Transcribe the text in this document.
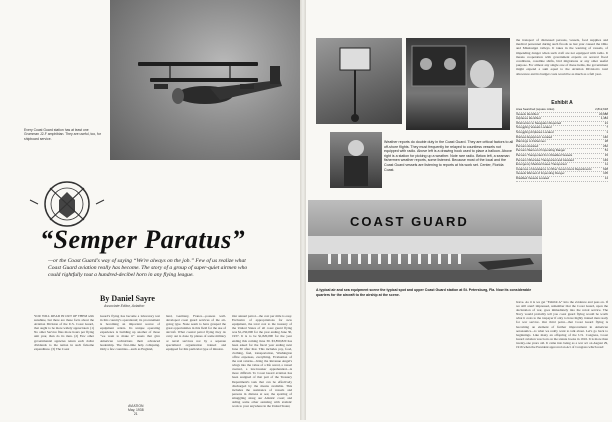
Every Coast Guard station has at least one Grumman J2-F amphibian. They are useful, too, for shipboard service.
“Semper Paratus”
—or the Coast Guard's way of saying “We're always on the job.” Few of us realize what Coast Guard aviation really has become. The story of a group of super-quiet airmen who could rightfully tout a hundred-decibel horn in any flying league.
By Daniel Sayre
Associate Editor, Aviation
YOU WILL READ IN OUT OF THEM with sunshine, but there are these facts about the Aviation Division of the U.S. Coast Guard, that ought to be more widely appreciated. (1) No other Service flies more hours per flying unit year, than do its men. (2) Few other governmental agencies return each dollar dividends to the nation in such fulsome expenditure. (3) The Coast
Guard's flying has become a laboratory test in this country's operational; its procurement is becoming an important source of equipment orders. Its unique operating experience is building up another of those “we want to make it” assets that give American technicians their advanced leadership. The first-time help collapsing. Only a few countries—such as England,
land, Germany, France—possess well-developed coast guard services of the air-going type. None seem to have grasped the great opportunities in this field for the use of aircraft. What coastal patrol flying they do carry out is done by planes of some military or naval services not by a separate specialized organization trained and equipped for this particular type of mission.
Our annual patrol—the cost per mile is easy. Exclusive of appropriations for new equipment, the total cost to the treasury of the United States of all coast guard flying was $1,250,000 for the year ending June 30, 1937. It is to be $1,820,000 for the year ending this coming June 30. $3,850,820 has been asked for the fiscal year ending next June 30 after that. This includes pay, food, clothing, fuel, transportation, Washington office expenses, everything. Evaluation of the real returns—bring the Revenue Angel's wings into the value of a life saved, a vessel averted, a law-breaker apprehended—is more difficult. To Coast Guard aviation has been assigned of that part of the Treasury Department's task that can be effectively discharged by the means available. This includes the assistance of vessels and persons in distress at sea; the spotting of smuggling along our Atlantic coast; and aiding some other assisting with statistic work to your anywhere in the United States;
AVIATION
May, 1938
21
Weather reports do double duty in the Coast Guard. They are critical factors to all off-shore flights. They must frequently be relayed to countless vessels not equipped with radio. Above left is a drawing hook used to place a balloon. Above right is a station for picking up a weather. Note rare radio. Below left, a seaman fishermen weather reports, some listened. Because most of the local and the Coast Guard vessels are listening to reports at his work set. Center, Florida Coast.
the transport of distressed persons, vessels, food supplies and medical personnel during such floods as last year caused the Ohio and Mississippi valleys. It takes in the warning of vessels, of impending danger when such craft are not equipped with radio. It means cooperation with government experts on several flood conditions, coastline shifts, bird migrations or any other useful purpose. For almost any single one of these items, the government might expend a sum equal to the Aviation Division's total allowance and its budget costs would be as much as a full year.
Exhibit A
Area Searched (square miles)	2,812,618
Vessels Identified	20,988
Airplanes Identified	1,484
Obstruction to Navigation Reported	21
Smuggling Vessels Located	7
Smuggling Airplanes Located	1
Distress Equipment Located	140
Warnings to Fishermen	28
Persons Assisted	262
Persons Warned of Impending Danger	51
Persons Transported from Disabled Vessels	15
Persons Otherwise Transported and Assisted	149
Emergency Medical Cases Transported	11
Instances of Assistance to Other Government Departments	628
Vessels Warned of Impending Danger	105
Disabled Vessels Located	14
COAST GUARD
A typical air and sea equipment scene the typical spot and upper Coast Guard station at St. Petersburg, Fla. Now its considerable quarters for the aircraft to the airship at the scene.
brave. As it is we get “Exhibit A” into the evidence and pass on. If we still aren't impressed, remember that the Coast Guard, upon the declaration of war, goes immediately into the naval service. The Navy would probably tell you coast guard flying would be worth what it costs to the taxpayer if only to have highly trained men ready for war service. Our third point—that Coast Guard flying is becoming an element of further improvement in American aeronautics—is what we really want to talk about. Let's go back to beginnings. Like many an offspring of the U.S. Congress, Coast Guard aviation was born on the statute books in 1916. It is more than twenty-one years old. It came into being as a war act on August 29, 1916 when the President approved an Act of Congress which read:
